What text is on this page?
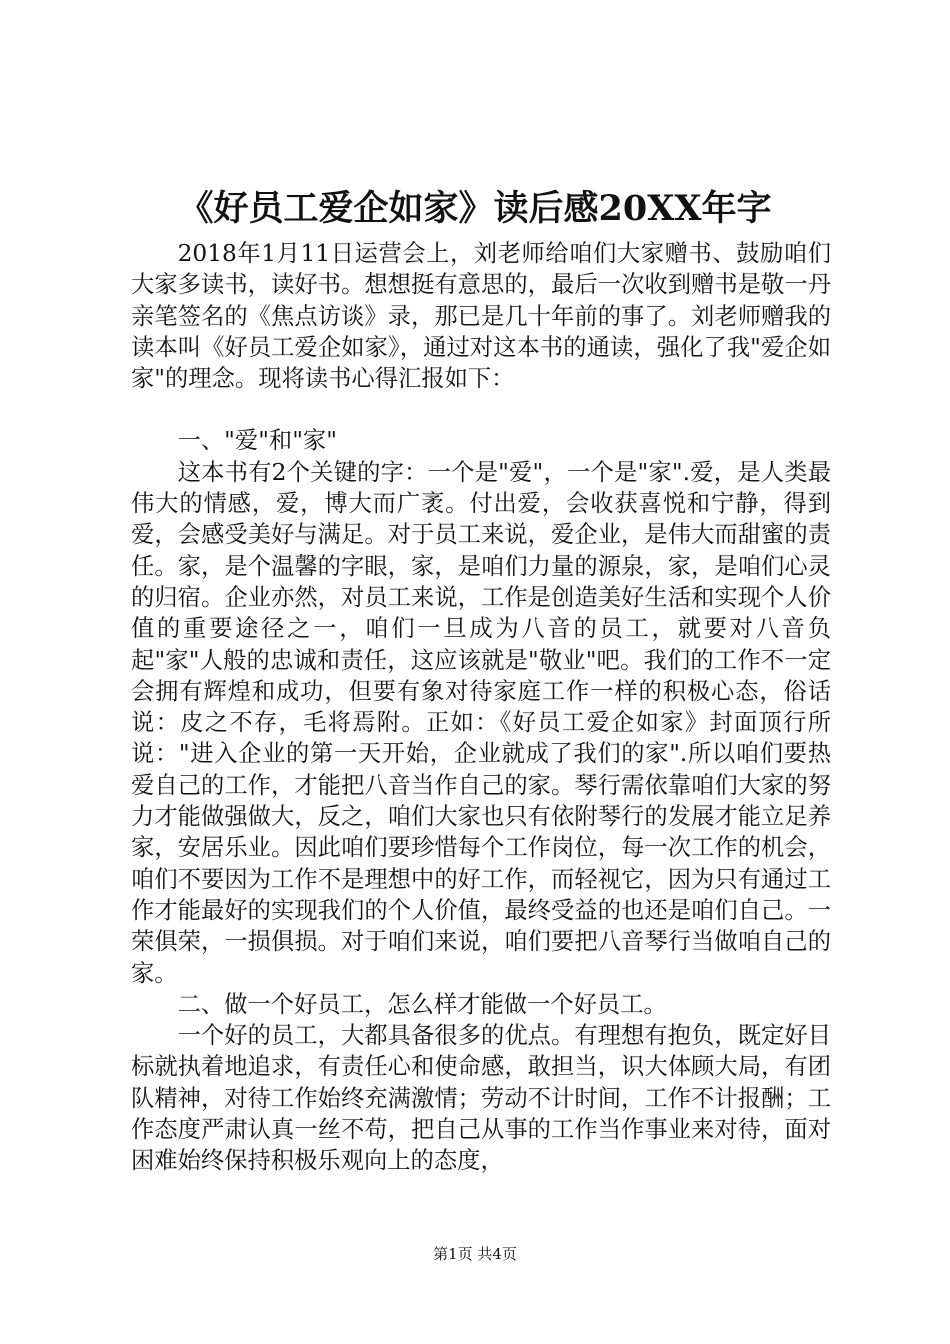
《好员工爱企如家》读后感20XX年字

2018年1月11日运营会上，刘老师给咱们大家赠书、鼓励咱们大家多读书，读好书。想想挺有意思的，最后一次收到赠书是敬一丹亲笔签名的《焦点访谈》录，那已是几十年前的事了。刘老师赠我的读本叫《好员工爱企如家》，通过对这本书的通读，强化了我"爱企如家"的理念。现将读书心得汇报如下：

一、"爱"和"家"

这本书有2个关键的字：一个是"爱"，一个是"家".爱，是人类最伟大的情感，爱，博大而广袤。付出爱，会收获喜悦和宁静，得到爱，会感受美好与满足。对于员工来说，爱企业，是伟大而甜蜜的责任。家，是个温馨的字眼，家，是咱们力量的源泉，家，是咱们心灵的归宿。企业亦然，对员工来说，工作是创造美好生活和实现个人价值的重要途径之一，咱们一旦成为八音的员工，就要对八音负起"家"人般的忠诚和责任，这应该就是"敬业"吧。我们的工作不一定会拥有辉煌和成功，但要有象对待家庭工作一样的积极心态，俗话说：皮之不存，毛将焉附。正如：《好员工爱企如家》封面顶行所说："进入企业的第一天开始，企业就成了我们的家".所以咱们要热爱自己的工作，才能把八音当作自己的家。琴行需依靠咱们大家的努力才能做强做大，反之，咱们大家也只有依附琴行的发展才能立足养家，安居乐业。因此咱们要珍惜每个工作岗位，每一次工作的机会，咱们不要因为工作不是理想中的好工作，而轻视它，因为只有通过工作才能最好的实现我们的个人价值，最终受益的也还是咱们自己。一荣俱荣，一损俱损。对于咱们来说，咱们要把八音琴行当做咱自己的家。

二、做一个好员工，怎么样才能做一个好员工。

一个好的员工，大都具备很多的优点。有理想有抱负，既定好目标就执着地追求，有责任心和使命感，敢担当，识大体顾大局，有团队精神，对待工作始终充满激情；劳动不计时间，工作不计报酬；工作态度严肃认真一丝不苟，把自己从事的工作当作事业来对待，面对困难始终保持积极乐观向上的态度，

第1页 共4页
